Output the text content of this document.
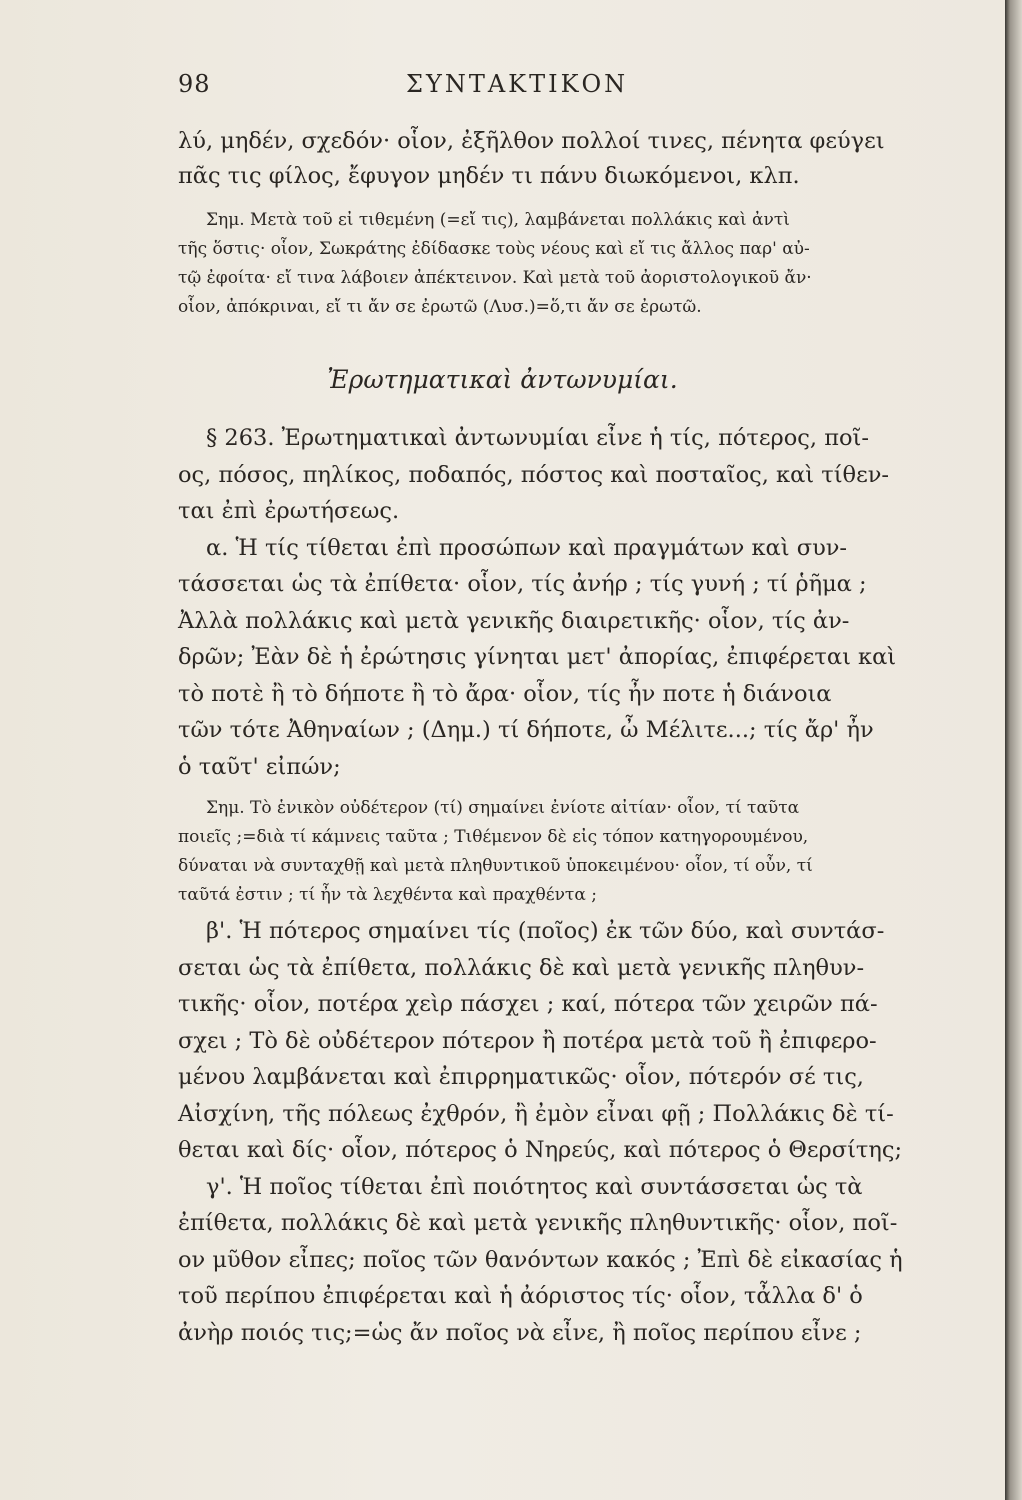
98	ΣΥΝΤΑΚΤΙΚΟΝ

λύ, μηδέν, σχεδόν· οἷον, ἐξῆλθον πολλοί τινες, πένητα φεύγει

πᾶς τις φίλος, ἔφυγον μηδέν τι πάνυ διωκόμενοι, κλπ.

Σημ. Μετὰ τοῦ εἰ τιθεμένη (=εἴ τις), λαμβάνεται πολλάκις καὶ ἀντὶ

τῆς ὅστις· οἷον, Σωκράτης ἐδίδασκε τοὺς νέους καὶ εἴ τις ἄλλος παρ' αὐ-

τῷ ἐφοίτα· εἴ τινα λάβοιεν ἀπέκτεινον. Καὶ μετὰ τοῦ ἀοριστολογικοῦ ἄν·

οἷον, ἀπόκριναι, εἴ τι ἄν σε ἐρωτῶ (Λυσ.)=ὅ,τι ἄν σε ἐρωτῶ.

Ἐρωτηματικαὶ ἀντωνυμίαι.

§ 263. Ἐρωτηματικαὶ ἀντωνυμίαι εἶνε ἡ τίς, πότερος, ποῖ-

ος, πόσος, πηλίκος, ποδαπός, πόστος καὶ ποσταῖος, καὶ τίθεν-

ται ἐπὶ ἐρωτήσεως.

α. Ἡ τίς τίθεται ἐπὶ προσώπων καὶ πραγμάτων καὶ συν-

τάσσεται ὡς τὰ ἐπίθετα· οἷον, τίς ἀνήρ ; τίς γυνή ; τί ῥῆμα ;

Ἀλλὰ πολλάκις καὶ μετὰ γενικῆς διαιρετικῆς· οἷον, τίς ἀν-

δρῶν; Ἐὰν δὲ ἡ ἐρώτησις γίνηται μετ' ἀπορίας, ἐπιφέρεται καὶ

τὸ ποτὲ ἢ τὸ δήποτε ἢ τὸ ἄρα· οἷον, τίς ἦν ποτε ἡ διάνοια

τῶν τότε Ἀθηναίων ; (Δημ.) τί δήποτε, ὦ Μέλιτε...; τίς ἄρ' ἦν

ὁ ταῦτ' εἰπών;

Σημ. Τὸ ἑνικὸν οὐδέτερον (τί) σημαίνει ἐνίοτε αἰτίαν· οἷον, τί ταῦτα

ποιεῖς ;=διὰ τί κάμνεις ταῦτα ; Τιθέμενον δὲ εἰς τόπον κατηγορουμένου,

δύναται νὰ συνταχθῇ καὶ μετὰ πληθυντικοῦ ὑποκειμένου· οἷον, τί οὖν, τί

ταῦτά ἐστιν ; τί ἦν τὰ λεχθέντα καὶ πραχθέντα ;

β'. Ἡ πότερος σημαίνει τίς (ποῖος) ἐκ τῶν δύο, καὶ συντάσ-

σεται ὡς τὰ ἐπίθετα, πολλάκις δὲ καὶ μετὰ γενικῆς πληθυν-

τικῆς· οἷον, ποτέρα χεὶρ πάσχει ; καί, πότερα τῶν χειρῶν πά-

σχει ; Τὸ δὲ οὐδέτερον πότερον ἢ ποτέρα μετὰ τοῦ ἢ ἐπιφερο-

μένου λαμβάνεται καὶ ἐπιρρηματικῶς· οἷον, πότερόν σέ τις,

Αἰσχίνη, τῆς πόλεως ἐχθρόν, ἢ ἐμὸν εἶναι φῇ ; Πολλάκις δὲ τί-

θεται καὶ δίς· οἷον, πότερος ὁ Νηρεύς, καὶ πότερος ὁ Θερσίτης;

γ'. Ἡ ποῖος τίθεται ἐπὶ ποιότητος καὶ συντάσσεται ὡς τὰ

ἐπίθετα, πολλάκις δὲ καὶ μετὰ γενικῆς πληθυντικῆς· οἷον, ποῖ-

ον μῦθον εἶπες; ποῖος τῶν θανόντων κακός ; Ἐπὶ δὲ εἰκασίας ἡ

τοῦ περίπου ἐπιφέρεται καὶ ἡ ἀόριστος τίς· οἷον, τἆλλα δ' ὁ

ἀνὴρ ποιός τις;=ὡς ἄν ποῖος νὰ εἶνε, ἢ ποῖος περίπου εἶνε ;
